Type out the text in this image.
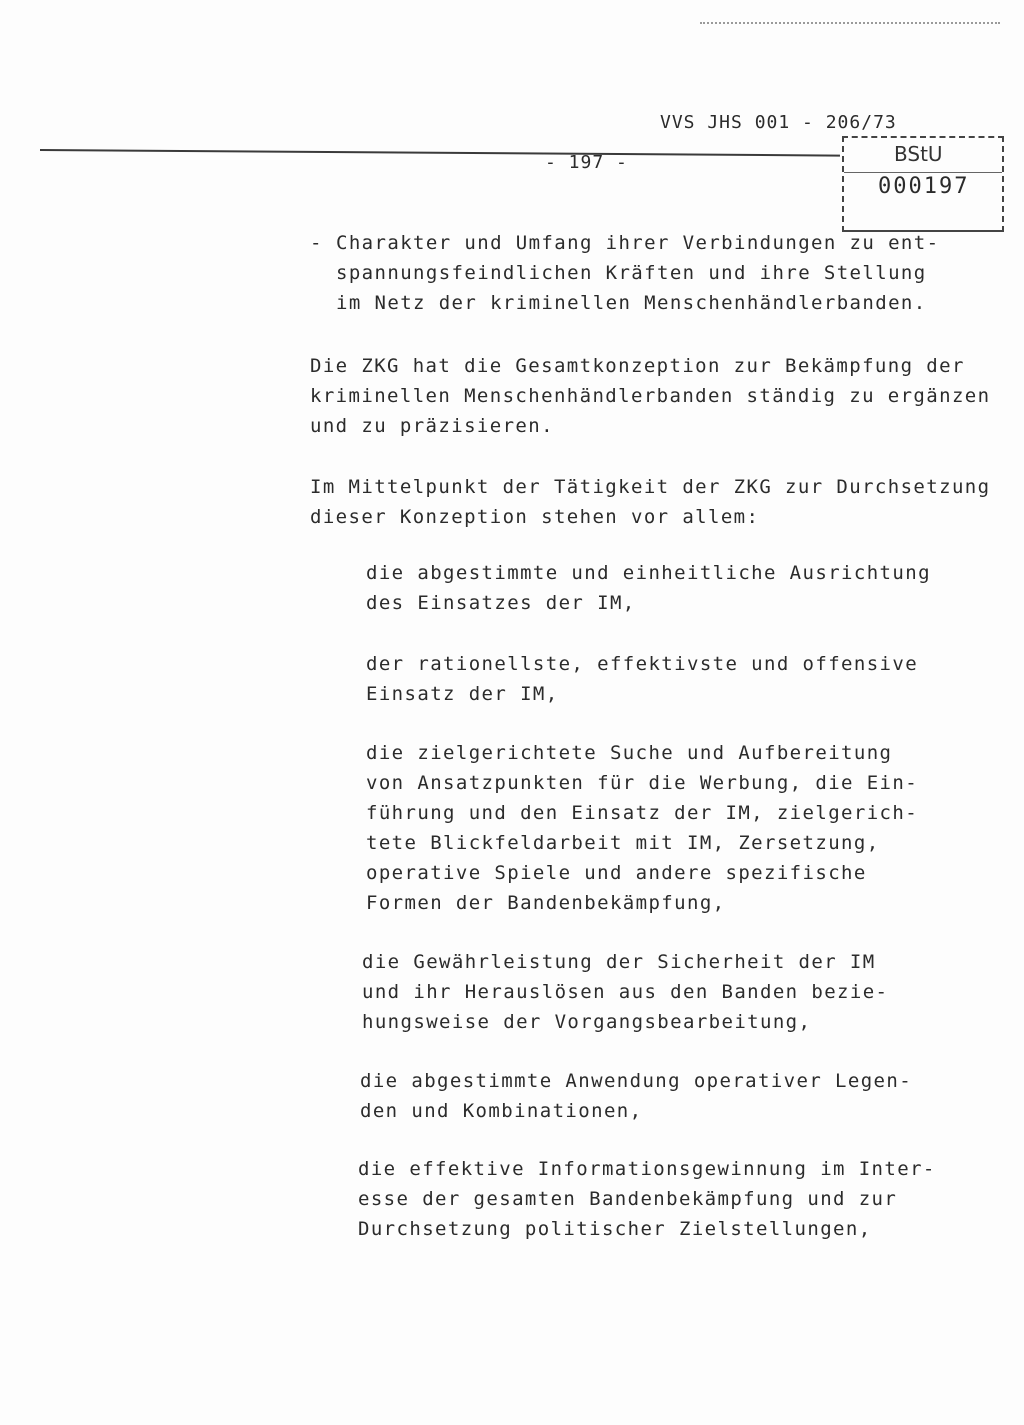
VVS JHS 001 - 206/73
- 197 -	BStU
000197
- Charakter und Umfang ihrer Verbindungen zu ent-
spannungsfeindlichen Kräften und ihre Stellung
im Netz der kriminellen Menschenhändlerbanden.
Die ZKG hat die Gesamtkonzeption zur Bekämpfung der
kriminellen Menschenhändlerbanden ständig zu ergänzen
und zu präzisieren.
Im Mittelpunkt der Tätigkeit der ZKG zur Durchsetzung
dieser Konzeption stehen vor allem:
die abgestimmte und einheitliche Ausrichtung
des Einsatzes der IM,
der rationellste, effektivste und offensive
Einsatz der IM,
die zielgerichtete Suche und Aufbereitung
von Ansatzpunkten für die Werbung, die Ein-
führung und den Einsatz der IM, zielgerich-
tete Blickfeldarbeit mit IM, Zersetzung,
operative Spiele und andere spezifische
Formen der Bandenbekämpfung,
die Gewährleistung der Sicherheit der IM
und ihr Herauslösen aus den Banden bezie-
hungsweise der Vorgangsbearbeitung,
die abgestimmte Anwendung operativer Legen-
den und Kombinationen,
die effektive Informationsgewinnung im Inter-
esse der gesamten Bandenbekämpfung und zur
Durchsetzung politischer Zielstellungen,
